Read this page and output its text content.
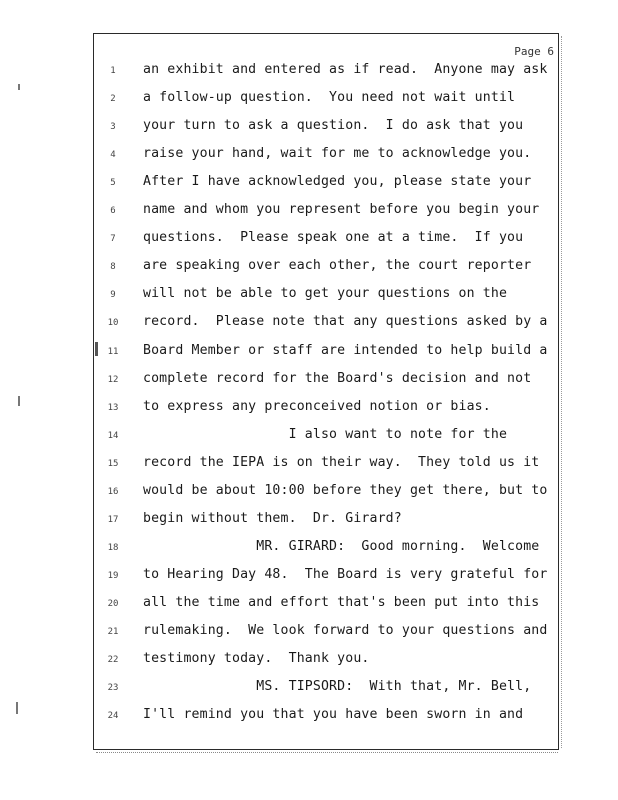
Page 6
1	an exhibit and entered as if read.  Anyone may ask
2	a follow-up question.  You need not wait until
3	your turn to ask a question.  I do ask that you
4	raise your hand, wait for me to acknowledge you.
5	After I have acknowledged you, please state your
6	name and whom you represent before you begin your
7	questions.  Please speak one at a time.  If you
8	are speaking over each other, the court reporter
9	will not be able to get your questions on the
10	record.  Please note that any questions asked by a
11	Board Member or staff are intended to help build a
12	complete record for the Board's decision and not
13	to express any preconceived notion or bias.
14	I also want to note for the
15	record the IEPA is on their way.  They told us it
16	would be about 10:00 before they get there, but to
17	begin without them.  Dr. Girard?
18	MR. GIRARD:  Good morning.  Welcome
19	to Hearing Day 48.  The Board is very grateful for
20	all the time and effort that's been put into this
21	rulemaking.  We look forward to your questions and
22	testimony today.  Thank you.
23	MS. TIPSORD:  With that, Mr. Bell,
24	I'll remind you that you have been sworn in and
